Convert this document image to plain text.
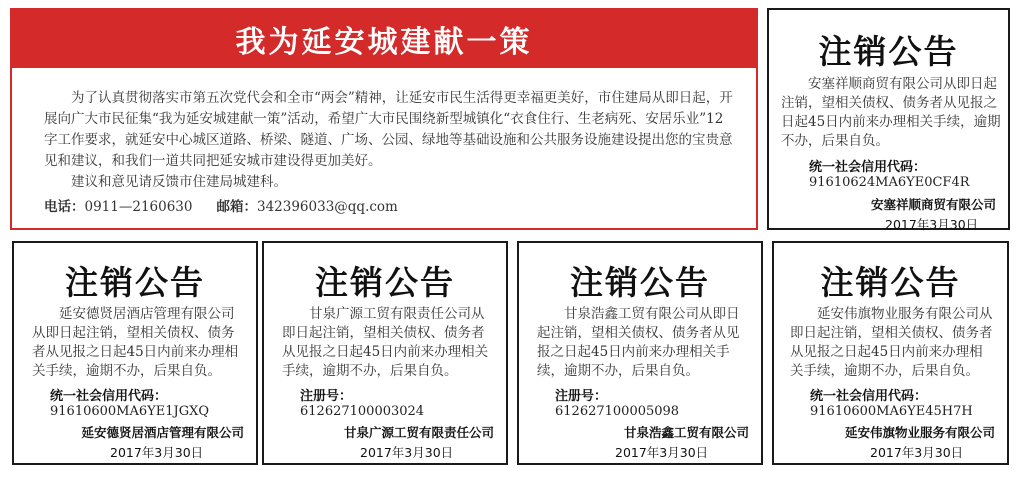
我为延安城建献一策

为了认真贯彻落实市第五次党代会和全市“两会”精神，让延安市民生活得更幸福更美好，市住建局从即日起，开展向广大市民征集“我为延安城建献一策”活动，希望广大市民围绕新型城镇化“衣食住行、生老病死、安居乐业”12字工作要求，就延安中心城区道路、桥梁、隧道、广场、公园、绿地等基础设施和公共服务设施建设提出您的宝贵意见和建议，和我们一道共同把延安城市建设得更加美好。

建议和意见请反馈市住建局城建科。

电话：0911—2160630 邮箱：342396033@qq.com
注销公告

安塞祥顺商贸有限公司从即日起注销，望相关债权、债务者从见报之日起45日内前来办理相关手续，逾期不办，后果自负。

统一社会信用代码：
91610624MA6YE0CF4R
安塞祥顺商贸有限公司
2017年3月30日
注销公告

延安德贤居酒店管理有限公司从即日起注销，望相关债权、债务者从见报之日起45日内前来办理相关手续，逾期不办，后果自负。

统一社会信用代码：
91610600MA6YE1JGXQ
延安德贤居酒店管理有限公司
2017年3月30日
注销公告

甘泉广源工贸有限责任公司从即日起注销，望相关债权、债务者从见报之日起45日内前来办理相关手续，逾期不办，后果自负。

注册号：
612627100003024
甘泉广源工贸有限责任公司
2017年3月30日
注销公告

甘泉浩鑫工贸有限公司从即日起注销，望相关债权、债务者从见报之日起45日内前来办理相关手续，逾期不办，后果自负。

注册号：
612627100005098
甘泉浩鑫工贸有限公司
2017年3月30日
注销公告

延安伟旗物业服务有限公司从即日起注销，望相关债权、债务者从见报之日起45日内前来办理相关手续，逾期不办，后果自负。

统一社会信用代码：
91610600MA6YE45H7H
延安伟旗物业服务有限公司
2017年3月30日
